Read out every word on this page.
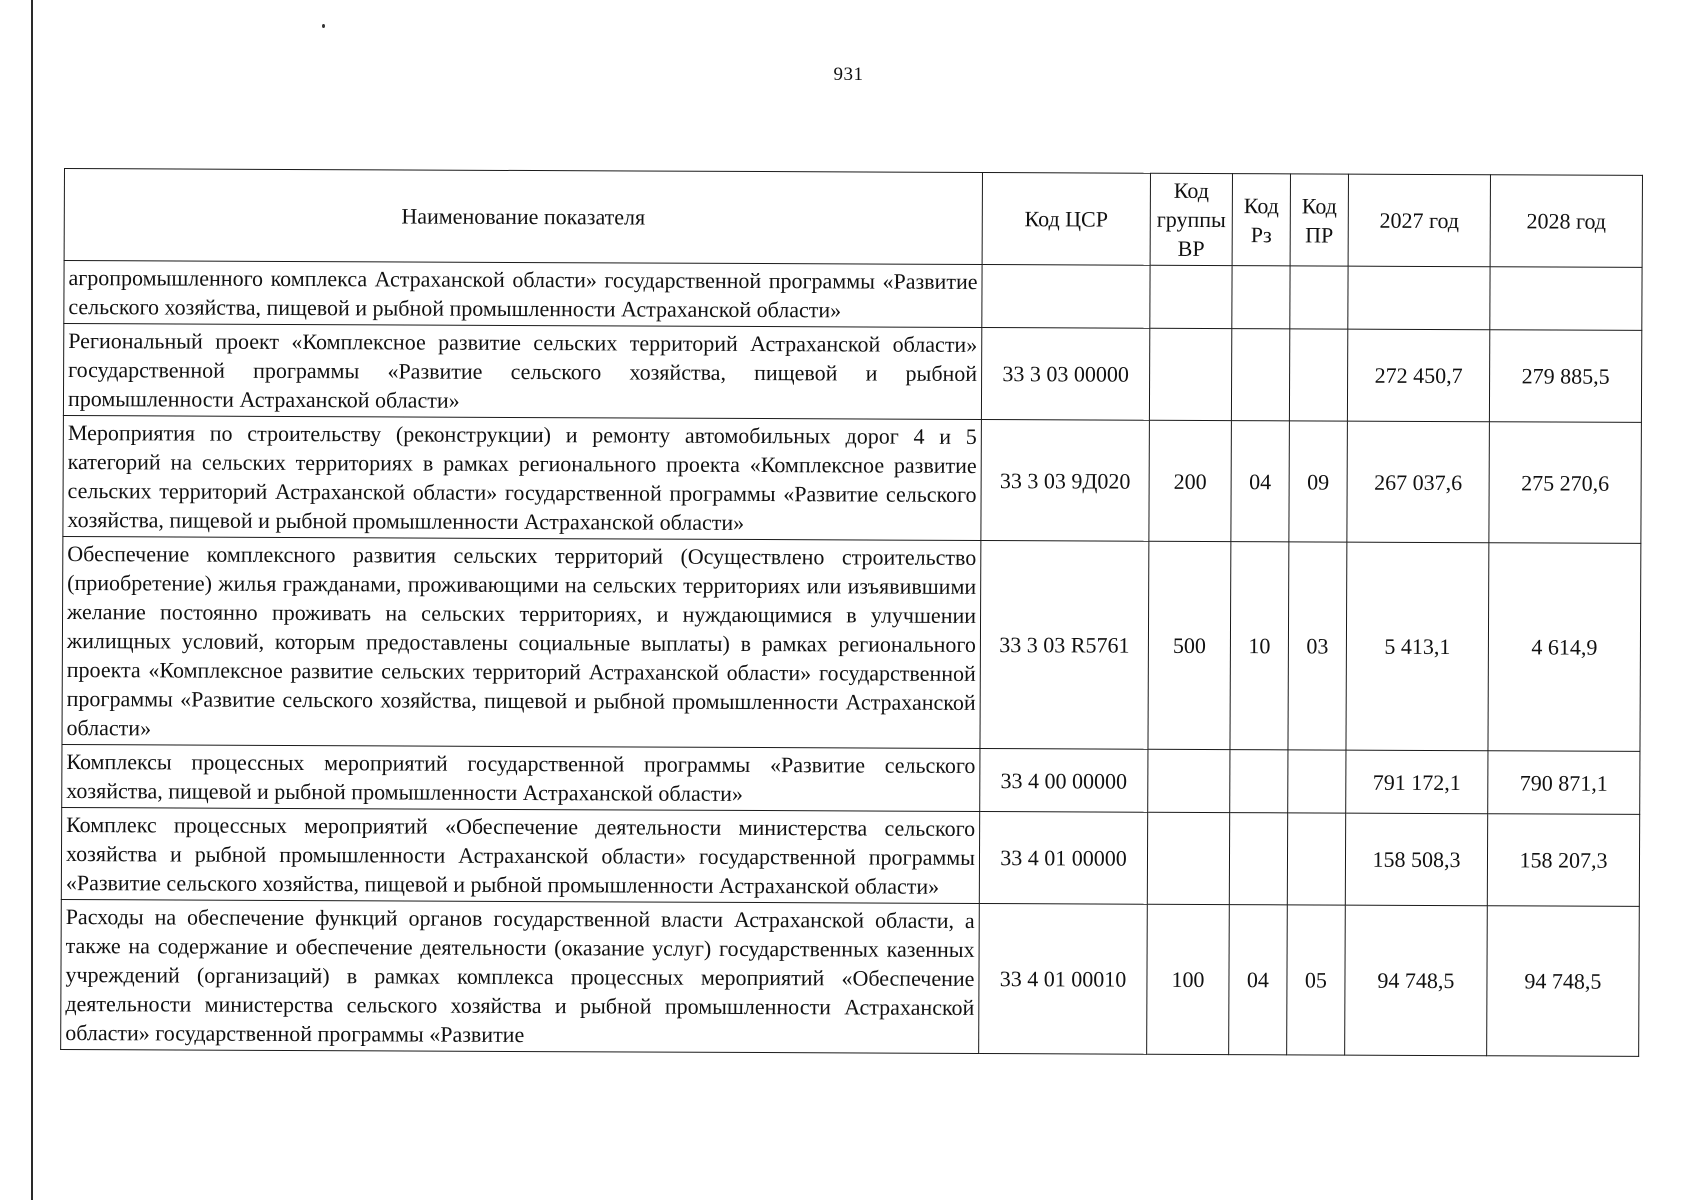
931
Наименование показателя	Код ЦСР	Код группы ВР	Код Рз	Код ПР	2027 год	2028 год
агропромышленного комплекса Астраханской области» государственной программы «Развитие сельского хозяйства, пищевой и рыбной промышленности Астраханской области»						
Региональный проект «Комплексное развитие сельских территорий Астраханской области» государственной программы «Развитие сельского хозяйства, пищевой и рыбной промышленности Астраханской области»	33 3 03 00000				272 450,7	279 885,5
Мероприятия по строительству (реконструкции) и ремонту автомобильных дорог 4 и 5 категорий на сельских территориях в рамках регионального проекта «Комплексное развитие сельских территорий Астраханской области» государственной программы «Развитие сельского хозяйства, пищевой и рыбной промышленности Астраханской области»	33 3 03 9Д020	200	04	09	267 037,6	275 270,6
Обеспечение комплексного развития сельских территорий (Осуществлено строительство (приобретение) жилья гражданами, проживающими на сельских территориях или изъявившими желание постоянно проживать на сельских территориях, и нуждающимися в улучшении жилищных условий, которым предоставлены социальные выплаты) в рамках регионального проекта «Комплексное развитие сельских территорий Астраханской области» государственной программы «Развитие сельского хозяйства, пищевой и рыбной промышленности Астраханской области»	33 3 03 R5761	500	10	03	5 413,1	4 614,9
Комплексы процессных мероприятий государственной программы «Развитие сельского хозяйства, пищевой и рыбной промышленности Астраханской области»	33 4 00 00000				791 172,1	790 871,1
Комплекс процессных мероприятий «Обеспечение деятельности министерства сельского хозяйства и рыбной промышленности Астраханской области» государственной программы «Развитие сельского хозяйства, пищевой и рыбной промышленности Астраханской области»	33 4 01 00000				158 508,3	158 207,3
Расходы на обеспечение функций органов государственной власти Астраханской области, а также на содержание и обеспечение деятельности (оказание услуг) государственных казенных учреждений (организаций) в рамках комплекса процессных мероприятий «Обеспечение деятельности министерства сельского хозяйства и рыбной промышленности Астраханской области» государственной программы «Развитие	33 4 01 00010	100	04	05	94 748,5	94 748,5
